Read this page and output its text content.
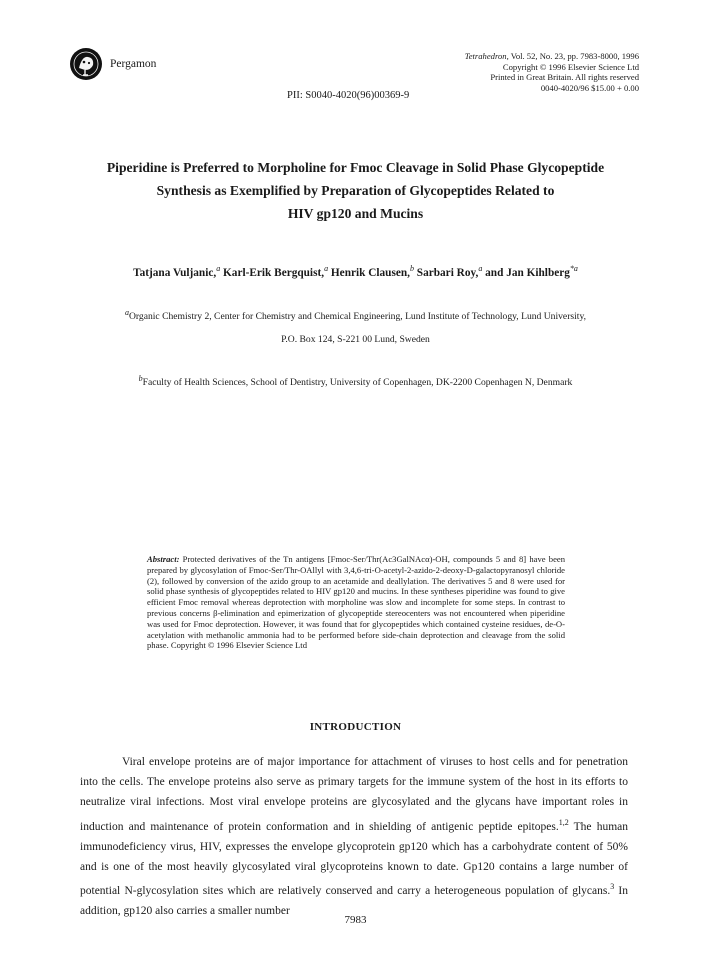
Pergamon
Tetrahedron, Vol. 52, No. 23, pp. 7983-8000, 1996
Copyright © 1996 Elsevier Science Ltd
Printed in Great Britain. All rights reserved
0040-4020/96 $15.00 + 0.00
PII: S0040-4020(96)00369-9
Piperidine is Preferred to Morpholine for Fmoc Cleavage in Solid Phase Glycopeptide
Synthesis as Exemplified by Preparation of Glycopeptides Related to
HIV gp120 and Mucins
Tatjana Vuljanic,$^a$ Karl-Erik Bergquist,$^a$ Henrik Clausen,$^b$ Sarbari Roy,$^a$ and Jan Kihlberg$^{*a}$
$^a$Organic Chemistry 2, Center for Chemistry and Chemical Engineering, Lund Institute of Technology, Lund University,
P.O. Box 124, S-221 00 Lund, Sweden
$^b$Faculty of Health Sciences, School of Dentistry, University of Copenhagen, DK-2200 Copenhagen N, Denmark
Abstract: Protected derivatives of the Tn antigens [Fmoc-Ser/Thr(Ac3GalNAcα)-OH, compounds 5 and 8] have been prepared by glycosylation of Fmoc-Ser/Thr-OAllyl with 3,4,6-tri-O-acetyl-2-azido-2-deoxy-D-galactopyranosyl chloride (2), followed by conversion of the azido group to an acetamide and deallylation. The derivatives 5 and 8 were used for solid phase synthesis of glycopeptides related to HIV gp120 and mucins. In these syntheses piperidine was found to give efficient Fmoc removal whereas deprotection with morpholine was slow and incomplete for some steps. In contrast to previous concerns β-elimination and epimerization of glycopeptide stereocenters was not encountered when piperidine was used for Fmoc deprotection. However, it was found that for glycopeptides which contained cysteine residues, de-O-acetylation with methanolic ammonia had to be performed before side-chain deprotection and cleavage from the solid phase. Copyright © 1996 Elsevier Science Ltd
INTRODUCTION
Viral envelope proteins are of major importance for attachment of viruses to host cells and for penetration into the cells. The envelope proteins also serve as primary targets for the immune system of the host in its efforts to neutralize viral infections. Most viral envelope proteins are glycosylated and the glycans have important roles in induction and maintenance of protein conformation and in shielding of antigenic peptide epitopes.$^{1,2}$ The human immunodeficiency virus, HIV, expresses the envelope glycoprotein gp120 which has a carbohydrate content of 50% and is one of the most heavily glycosylated viral glycoproteins known to date. Gp120 contains a large number of potential N-glycosylation sites which are relatively conserved and carry a heterogeneous population of glycans.$^3$ In addition, gp120 also carries a smaller number
7983
